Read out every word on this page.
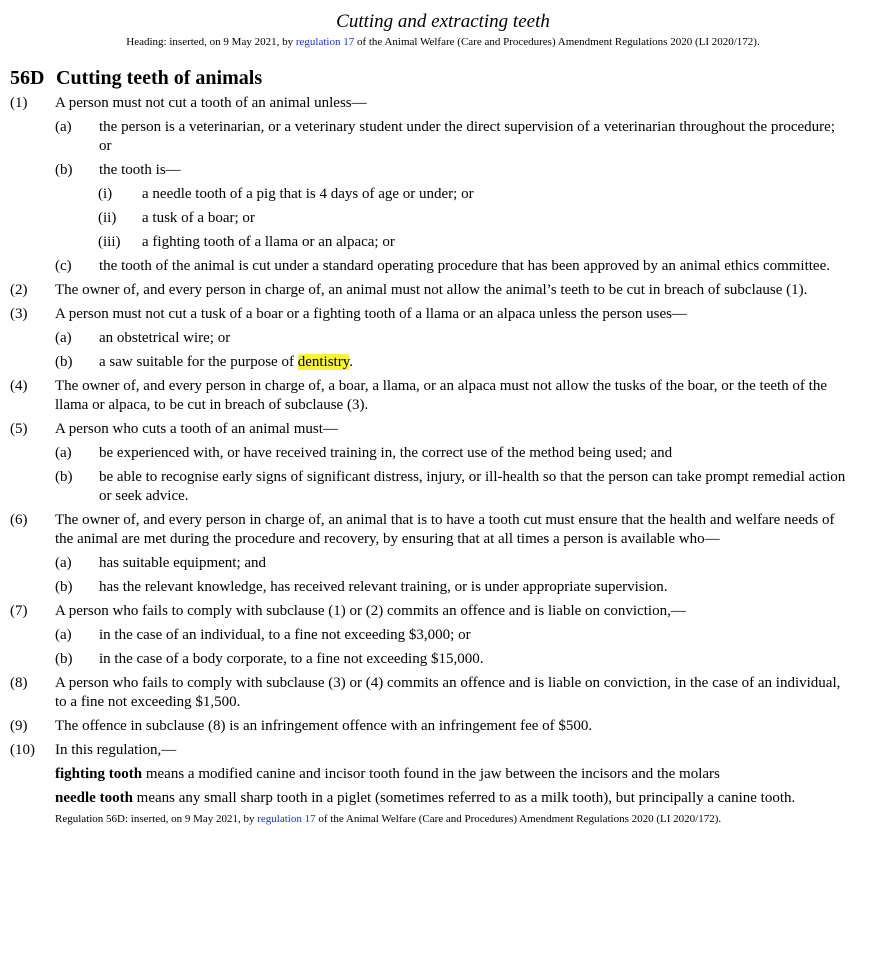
Cutting and extracting teeth
Heading: inserted, on 9 May 2021, by regulation 17 of the Animal Welfare (Care and Procedures) Amendment Regulations 2020 (LI 2020/172).
56D Cutting teeth of animals
(1)	A person must not cut a tooth of an animal unless—
(a)	the person is a veterinarian, or a veterinary student under the direct supervision of a veterinarian throughout the procedure; or
(b)	the tooth is—
(i)	a needle tooth of a pig that is 4 days of age or under; or
(ii)	a tusk of a boar; or
(iii)	a fighting tooth of a llama or an alpaca; or
(c)	the tooth of the animal is cut under a standard operating procedure that has been approved by an animal ethics committee.
(2)	The owner of, and every person in charge of, an animal must not allow the animal’s teeth to be cut in breach of subclause (1).
(3)	A person must not cut a tusk of a boar or a fighting tooth of a llama or an alpaca unless the person uses—
(a)	an obstetrical wire; or
(b)	a saw suitable for the purpose of dentistry.
(4)	The owner of, and every person in charge of, a boar, a llama, or an alpaca must not allow the tusks of the boar, or the teeth of the llama or alpaca, to be cut in breach of subclause (3).
(5)	A person who cuts a tooth of an animal must—
(a)	be experienced with, or have received training in, the correct use of the method being used; and
(b)	be able to recognise early signs of significant distress, injury, or ill-health so that the person can take prompt remedial action or seek advice.
(6)	The owner of, and every person in charge of, an animal that is to have a tooth cut must ensure that the health and welfare needs of the animal are met during the procedure and recovery, by ensuring that at all times a person is available who—
(a)	has suitable equipment; and
(b)	has the relevant knowledge, has received relevant training, or is under appropriate supervision.
(7)	A person who fails to comply with subclause (1) or (2) commits an offence and is liable on conviction,—
(a)	in the case of an individual, to a fine not exceeding $3,000; or
(b)	in the case of a body corporate, to a fine not exceeding $15,000.
(8)	A person who fails to comply with subclause (3) or (4) commits an offence and is liable on conviction, in the case of an individual, to a fine not exceeding $1,500.
(9)	The offence in subclause (8) is an infringement offence with an infringement fee of $500.
(10)	In this regulation,—
fighting tooth means a modified canine and incisor tooth found in the jaw between the incisors and the molars
needle tooth means any small sharp tooth in a piglet (sometimes referred to as a milk tooth), but principally a canine tooth.
Regulation 56D: inserted, on 9 May 2021, by regulation 17 of the Animal Welfare (Care and Procedures) Amendment Regulations 2020 (LI 2020/172).
